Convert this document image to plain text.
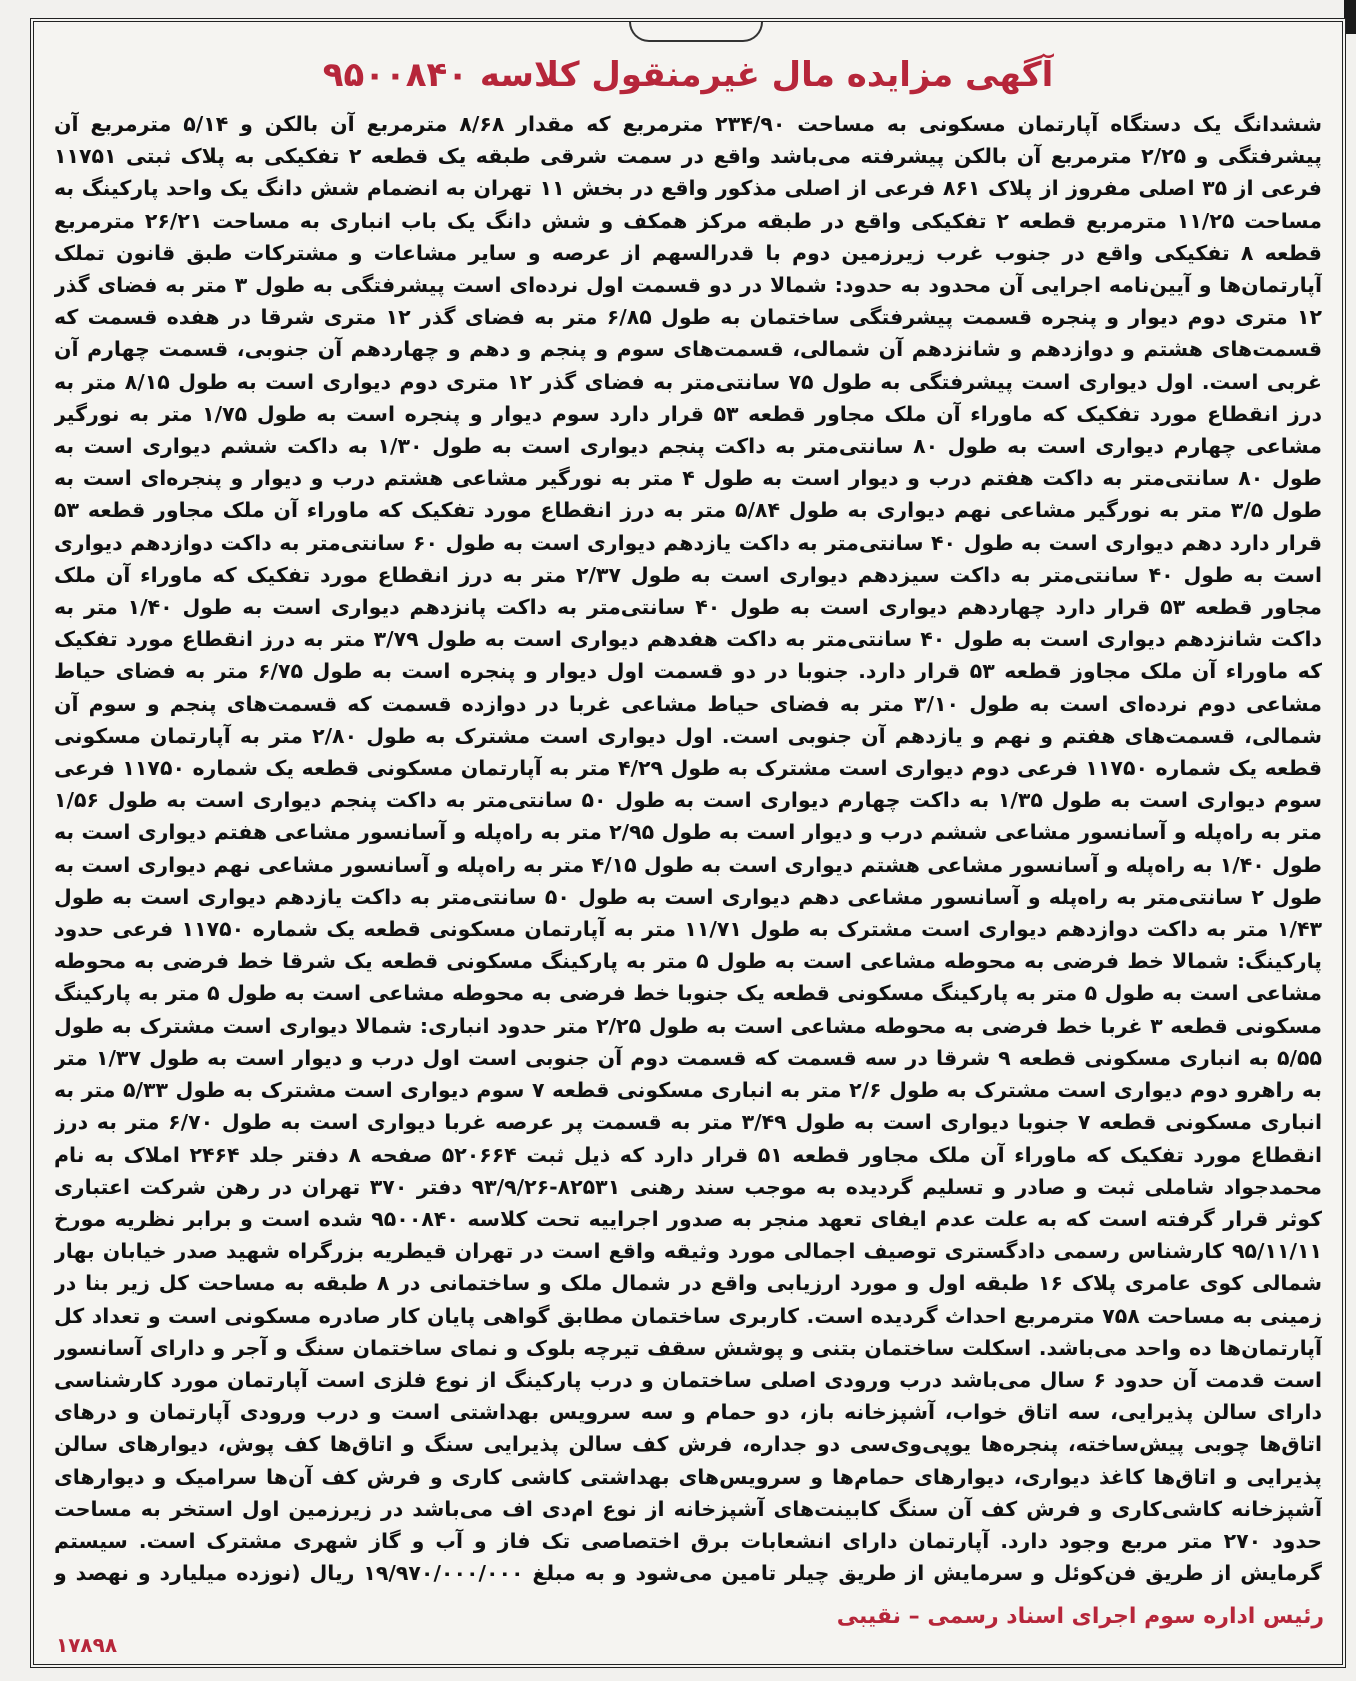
آگهی مزایده مال غیرمنقول کلاسه ۹۵۰۰۸۴۰
ششدانگ یک دستگاه آپارتمان مسکونی به مساحت ۲۳۴/۹۰ مترمربع که مقدار ۸/۶۸ مترمربع آن بالکن و ۵/۱۴ مترمربع آن پیشرفتگی و ۲/۲۵ مترمربع آن بالکن پیشرفته می‌باشد واقع در سمت شرقی طبقه یک قطعه ۲ تفکیکی به پلاک ثبتی ۱۱۷۵۱ فرعی از ۳۵ اصلی مفروز از پلاک ۸۶۱ فرعی از اصلی مذکور واقع در بخش ۱۱ تهران به انضمام شش دانگ یک واحد پارکینگ به مساحت ۱۱/۲۵ مترمربع قطعه ۲ تفکیکی واقع در طبقه مرکز همکف و شش دانگ یک باب انباری به مساحت ۲۶/۲۱ مترمربع قطعه ۸ تفکیکی واقع در جنوب غرب زیرزمین دوم با قدرالسهم از عرصه و سایر مشاعات و مشترکات طبق قانون تملک آپارتمان‌ها و آیین‌نامه اجرایی آن محدود به حدود: شمالا در دو قسمت اول نرده‌ای است پیشرفتگی به طول ۳ متر به فضای گذر ۱۲ متری دوم دیوار و پنجره قسمت پیشرفتگی ساختمان به طول ۶/۸۵ متر به فضای گذر ۱۲ متری شرقا در هفده قسمت که قسمت‌های هشتم و دوازدهم و شانزدهم آن شمالی، قسمت‌های سوم و پنجم و دهم و چهاردهم آن جنوبی، قسمت چهارم آن غربی است. اول دیواری است پیشرفتگی به طول ۷۵ سانتی‌متر به فضای گذر ۱۲ متری دوم دیواری است به طول ۸/۱۵ متر به درز انقطاع مورد تفکیک که ماوراء آن ملک مجاور قطعه ۵۳ قرار دارد سوم دیوار و پنجره است به طول ۱/۷۵ متر به نورگیر مشاعی چهارم دیواری است به طول ۸۰ سانتی‌متر به داکت پنجم دیواری است به طول ۱/۳۰ به داکت ششم دیواری است به طول ۸۰ سانتی‌متر به داکت هفتم درب و دیوار است به طول ۴ متر به نورگیر مشاعی هشتم درب و دیوار و پنجره‌ای است به طول ۳/۵ متر به نورگیر مشاعی نهم دیواری به طول ۵/۸۴ متر به درز انقطاع مورد تفکیک که ماوراء آن ملک مجاور قطعه ۵۳ قرار دارد دهم دیواری است به طول ۴۰ سانتی‌متر به داکت یازدهم دیواری است به طول ۶۰ سانتی‌متر به داکت دوازدهم دیواری است به طول ۴۰ سانتی‌متر به داکت سیزدهم دیواری است به طول ۲/۳۷ متر به درز انقطاع مورد تفکیک که ماوراء آن ملک مجاور قطعه ۵۳ قرار دارد چهاردهم دیواری است به طول ۴۰ سانتی‌متر به داکت پانزدهم دیواری است به طول ۱/۴۰ متر به داکت شانزدهم دیواری است به طول ۴۰ سانتی‌متر به داکت هفدهم دیواری است به طول ۳/۷۹ متر به درز انقطاع مورد تفکیک که ماوراء آن ملک مجاوز قطعه ۵۳ قرار دارد. جنوبا در دو قسمت اول دیوار و پنجره است به طول ۶/۷۵ متر به فضای حیاط مشاعی دوم نرده‌ای است به طول ۳/۱۰ متر به فضای حیاط مشاعی غربا در دوازده قسمت که قسمت‌های پنجم و سوم آن شمالی، قسمت‌های هفتم و نهم و یازدهم آن جنوبی است. اول دیواری است مشترک به طول ۲/۸۰ متر به آپارتمان مسکونی قطعه یک شماره ۱۱۷۵۰ فرعی دوم دیواری است مشترک به طول ۴/۲۹ متر به آپارتمان مسکونی قطعه یک شماره ۱۱۷۵۰ فرعی سوم دیواری است به طول ۱/۳۵ به داکت چهارم دیواری است به طول ۵۰ سانتی‌متر به داکت پنجم دیواری است به طول ۱/۵۶ متر به راه‌پله و آسانسور مشاعی ششم درب و دیوار است به طول ۲/۹۵ متر به راه‌پله و آسانسور مشاعی هفتم دیواری است به طول ۱/۴۰ به راه‌پله و آسانسور مشاعی هشتم دیواری است به طول ۴/۱۵ متر به راه‌پله و آسانسور مشاعی نهم دیواری است به طول ۲ سانتی‌متر به راه‌پله و آسانسور مشاعی دهم دیواری است به طول ۵۰ سانتی‌متر به داکت یازدهم دیواری است به طول ۱/۴۳ متر به داکت دوازدهم دیواری است مشترک به طول ۱۱/۷۱ متر به آپارتمان مسکونی قطعه یک شماره ۱۱۷۵۰ فرعی حدود پارکینگ: شمالا خط فرضی به محوطه مشاعی است به طول ۵ متر به پارکینگ مسکونی قطعه یک شرقا خط فرضی به محوطه مشاعی است به طول ۵ متر به پارکینگ مسکونی قطعه یک جنوبا خط فرضی به محوطه مشاعی است به طول ۵ متر به پارکینگ مسکونی قطعه ۳ غربا خط فرضی به محوطه مشاعی است به طول ۲/۲۵ متر حدود انباری: شمالا دیواری است مشترک به طول ۵/۵۵ به انباری مسکونی قطعه ۹ شرقا در سه قسمت که قسمت دوم آن جنوبی است اول درب و دیوار است به طول ۱/۳۷ متر به راهرو دوم دیواری است مشترک به طول ۲/۶ متر به انباری مسکونی قطعه ۷ سوم دیواری است مشترک به طول ۵/۳۳ متر به انباری مسکونی قطعه ۷ جنوبا دیواری است به طول ۳/۴۹ متر به قسمت پر عرصه غربا دیواری است به طول ۶/۷۰ متر به درز انقطاع مورد تفکیک که ماوراء آن ملک مجاور قطعه ۵۱ قرار دارد که ذیل ثبت ۵۲۰۶۶۴ صفحه ۸ دفتر جلد ۲۴۶۴ املاک به نام محمدجواد شاملی ثبت و صادر و تسلیم گردیده به موجب سند رهنی ۸۲۵۳۱-۹۳/۹/۲۶ دفتر ۳۷۰ تهران در رهن شرکت اعتباری کوثر قرار گرفته است که به علت عدم ایفای تعهد منجر به صدور اجراییه تحت کلاسه ۹۵۰۰۸۴۰ شده است و برابر نظریه مورخ ۹۵/۱۱/۱۱ کارشناس رسمی دادگستری توصیف اجمالی مورد وثیقه واقع است در تهران قیطریه بزرگراه شهید صدر خیابان بهار شمالی کوی عامری پلاک ۱۶ طبقه اول و مورد ارزیابی واقع در شمال ملک و ساختمانی در ۸ طبقه به مساحت کل زیر بنا در زمینی به مساحت ۷۵۸ مترمربع احداث گردیده است. کاربری ساختمان مطابق گواهی پایان کار صادره مسکونی است و تعداد کل آپارتمان‌ها ده واحد می‌باشد. اسکلت ساختمان بتنی و پوشش سقف تیرچه بلوک و نمای ساختمان سنگ و آجر و دارای آسانسور است قدمت آن حدود ۶ سال می‌باشد درب ورودی اصلی ساختمان و درب پارکینگ از نوع فلزی است آپارتمان مورد کارشناسی دارای سالن پذیرایی، سه اتاق خواب، آشپزخانه باز، دو حمام و سه سرویس بهداشتی است و درب ورودی آپارتمان و درهای اتاق‌ها چوبی پیش‌ساخته، پنجره‌ها یوپی‌وی‌سی دو جداره، فرش کف سالن پذیرایی سنگ و اتاق‌ها کف پوش، دیوارهای سالن پذیرایی و اتاق‌ها کاغذ دیواری، دیوارهای حمام‌ها و سرویس‌های بهداشتی کاشی کاری و فرش کف آن‌ها سرامیک و دیوارهای آشپزخانه کاشی‌کاری و فرش کف آن سنگ کابینت‌های آشپزخانه از نوع ام‌دی اف می‌باشد در زیرزمین اول استخر به مساحت حدود ۲۷۰ متر مربع وجود دارد. آپارتمان دارای انشعابات برق اختصاصی تک فاز و آب و گاز شهری مشترک است. سیستم گرمایش از طریق فن‌کوئل و سرمایش از طریق چیلر تامین می‌شود و به مبلغ ۱۹/۹۷۰/۰۰۰/۰۰۰ ریال (نوزده میلیارد و نهصد و
رئیس اداره سوم اجرای اسناد رسمی – نقیبی
۱۷۸۹۸
